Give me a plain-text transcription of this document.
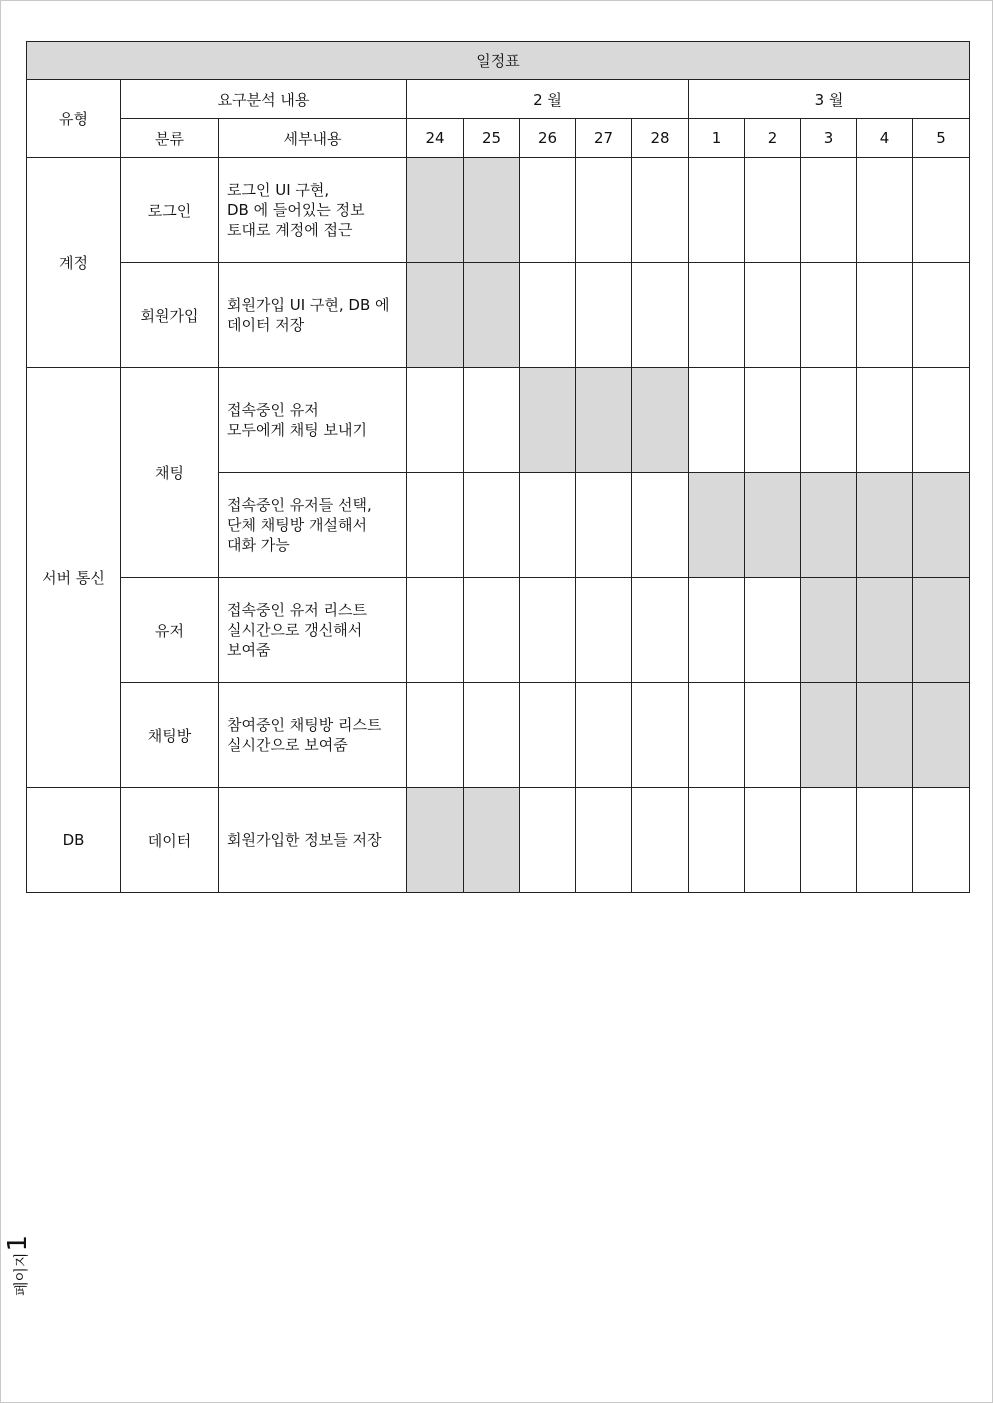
일정표												
유형	요구분석 내용		2 월					3 월				
	분류	세부내용	24	25	26	27	28	1	2	3	4	5
계정	로그인	로그인 UI 구현,
DB 에 들어있는 정보
토대로 계정에 접근										
	회원가입	회원가입 UI 구현, DB 에
데이터 저장										
서버 통신	채팅	접속중인 유저
모두에게 채팅 보내기										
		접속중인 유저들 선택,
단체 채팅방 개설해서
대화 가능										
	유저	접속중인 유저 리스트
실시간으로 갱신해서
보여줌										
	채팅방	참여중인 채팅방 리스트
실시간으로 보여줌										
DB	데이터	회원가입한 정보들 저장										
페이지
1
